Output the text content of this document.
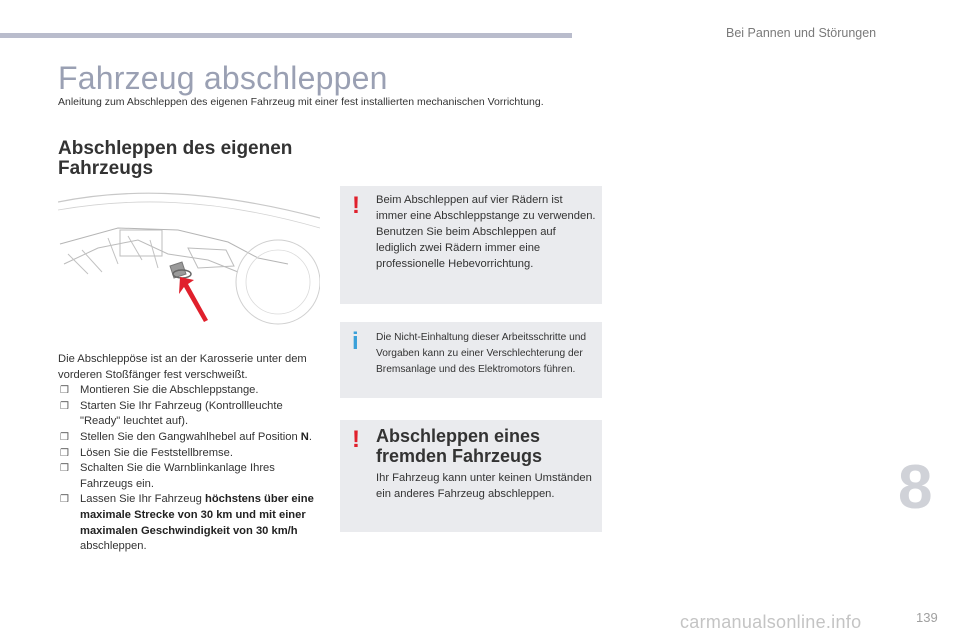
Bei Pannen und Störungen
Fahrzeug abschleppen
Anleitung zum Abschleppen des eigenen Fahrzeug mit einer fest installierten mechanischen Vorrichtung.
Abschleppen des eigenen Fahrzeugs

Die Abschleppöse ist an der Karosserie unter dem vorderen Stoßfänger fest verschweißt.

❒ Montieren Sie die Abschleppstange.
❒ Starten Sie Ihr Fahrzeug (Kontrollleuchte "Ready" leuchtet auf).
❒ Stellen Sie den Gangwahlhebel auf Position N.
❒ Lösen Sie die Feststellbremse.
❒ Schalten Sie die Warnblinkanlage Ihres Fahrzeugs ein.
❒ Lassen Sie Ihr Fahrzeug höchstens über eine maximale Strecke von 30 km und mit einer maximalen Geschwindigkeit von 30 km/h abschleppen.
! Beim Abschleppen auf vier Rädern ist immer eine Abschleppstange zu verwenden.
Benutzen Sie beim Abschleppen auf lediglich zwei Rädern immer eine professionelle Hebevorrichtung.
i Die Nicht-Einhaltung dieser Arbeitsschritte und Vorgaben kann zu einer Verschlechterung der Bremsanlage und des Elektromotors führen.
! Abschleppen eines fremden Fahrzeugs
Ihr Fahrzeug kann unter keinen Umständen ein anderes Fahrzeug abschleppen.	8
carmanualsonline.info	139
